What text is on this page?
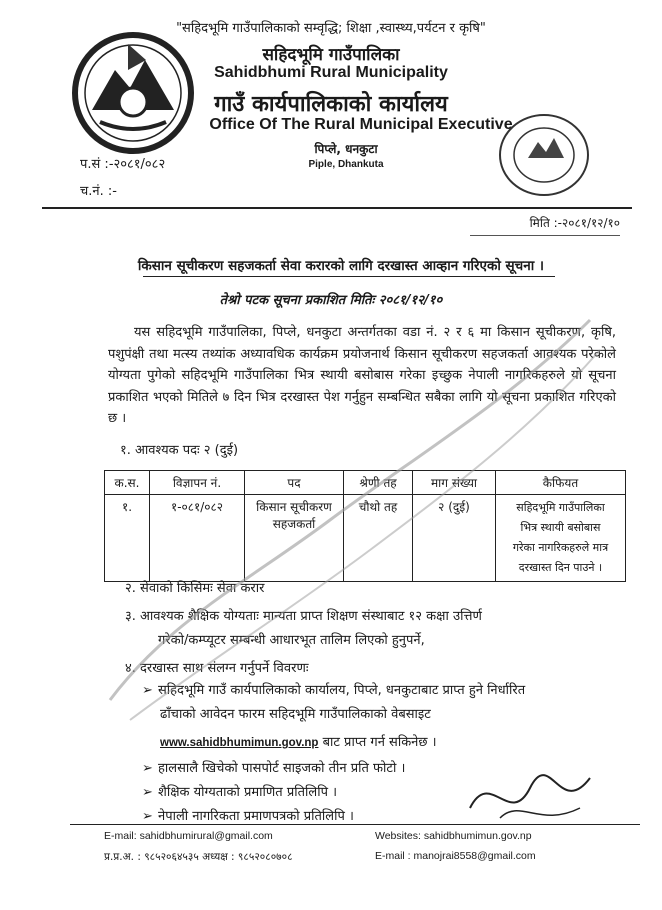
"सहिदभूमि गाउँपालिकाको सम्वृद्धि; शिक्षा ,स्वास्थ्य,पर्यटन र कृषि"
सहिदभूमि गाउँपालिका
Sahidbhumi Rural Municipality
गाउँ कार्यपालिकाको कार्यालय
Office Of The Rural Municipal Executive
पिप्ले, धनकुटा
Piple, Dhankuta
प.सं :-२०८१/०८२
च.नं. :-
मिति :-२०८१/१२/१०
किसान सूचीकरण सहजकर्ता सेवा करारको लागि दरखास्त आव्हान गरिएको सूचना ।
तेश्रो पटक सूचना प्रकाशित मितिः २०८१/१२/१०
यस सहिदभूमि गाउँपालिका, पिप्ले, धनकुटा अन्तर्गतका वडा नं. २ र ६ मा किसान सूचीकरण, कृषि, पशुपंक्षी तथा मत्स्य तथ्यांक अध्यावधिक कार्यक्रम प्रयोजनार्थ किसान सूचीकरण सहजकर्ता आवश्यक परेकोले योग्यता पुगेको सहिदभूमि गाउँपालिका भित्र स्थायी बसोबास गरेका इच्छुक नेपाली नागरिकहरुले यो सूचना प्रकाशित भएको मितिले ७ दिन भित्र दरखास्त पेश गर्नुहुन सम्बन्धित सबैका लागि यो सूचना प्रकाशित गरिएको छ ।
१. आवश्यक पदः २ (दुई)
क.स.	विज्ञापन नं.	पद	श्रेणी तह	माग संख्या	कैफियत
१.	१-०८१/०८२	किसान सूचीकरण सहजकर्ता	चौथो तह	२ (दुई)	सहिदभूमि गाउँपालिका
भित्र स्थायी बसोबास
गरेका नागरिकहरुले मात्र
दरखास्त दिन पाउने ।
२. सेवाको किसिमः सेवा करार
३. आवश्यक शैक्षिक योग्यताः मान्यता प्राप्त शिक्षण संस्थाबाट १२ कक्षा उत्तिर्ण
गरेको/कम्प्यूटर सम्बन्धी आधारभूत तालिम लिएको हुनुपर्ने,
४. दरखास्त साथ संलग्न गर्नुपर्ने विवरणः
➢ सहिदभूमि गाउँ कार्यपालिकाको कार्यालय, पिप्ले, धनकुटाबाट प्राप्त हुने निर्धारित
ढाँचाको आवेदन फारम सहिदभूमि गाउँपालिकाको वेबसाइट
www.sahidbhumimun.gov.np बाट प्राप्त गर्न सकिनेछ ।
➢ हालसालै खिचेको पासपोर्ट साइजको तीन प्रति फोटो ।
➢ शैक्षिक योग्यताको प्रमाणित प्रतिलिपि ।
➢ नेपाली नागरिकता प्रमाणपत्रको प्रतिलिपि ।
E-mail: sahidbhumirural@gmail.com
प्र.प्र.अ. : ९८५२०६४५३५ अध्यक्ष : ९८५२०८०७०८
Websites: sahidbhumimun.gov.np
E-mail : manojrai8558@gmail.com
